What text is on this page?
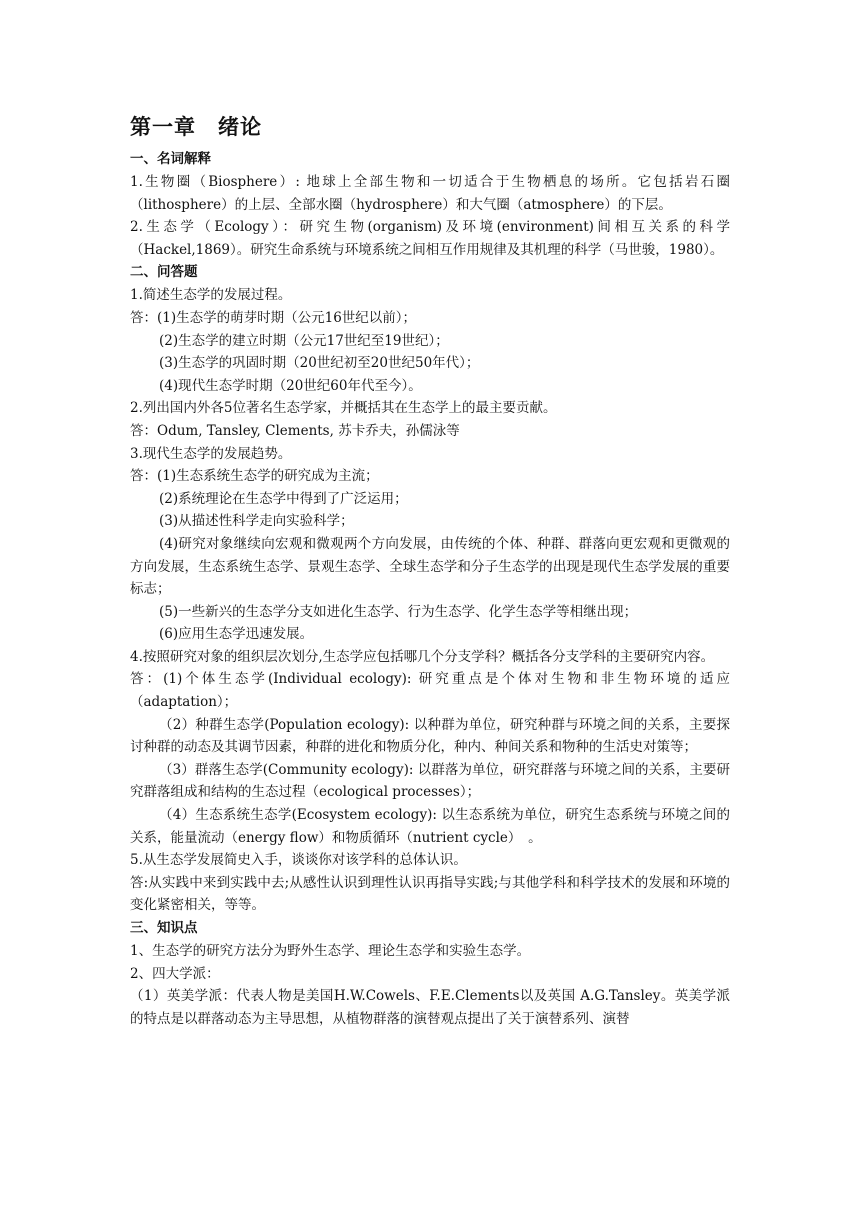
第一章　绪论
一、名词解释

1.生物圈（Biosphere）: 地球上全部生物和一切适合于生物栖息的场所。它包括岩石圈（lithosphere）的上层、全部水圈（hydrosphere）和大气圈（atmosphere）的下层。

2.生态学（Ecology）：研究生物(organism)及环境(environment)间相互关系的科学（Hackel,1869）。研究生命系统与环境系统之间相互作用规律及其机理的科学（马世骏，1980）。

二、问答题

1.简述生态学的发展过程。

答：(1)生态学的萌芽时期（公元16世纪以前）；

(2)生态学的建立时期（公元17世纪至19世纪）；

(3)生态学的巩固时期（20世纪初至20世纪50年代）；

(4)现代生态学时期（20世纪60年代至今）。

2.列出国内外各5位著名生态学家，并概括其在生态学上的最主要贡献。

答：Odum, Tansley, Clements, 苏卡乔夫，孙儒泳等

3.现代生态学的发展趋势。

答：(1)生态系统生态学的研究成为主流；

(2)系统理论在生态学中得到了广泛运用；

(3)从描述性科学走向实验科学；

(4)研究对象继续向宏观和微观两个方向发展，由传统的个体、种群、群落向更宏观和更微观的方向发展，生态系统生态学、景观生态学、全球生态学和分子生态学的出现是现代生态学发展的重要标志；

(5)一些新兴的生态学分支如进化生态学、行为生态学、化学生态学等相继出现；

(6)应用生态学迅速发展。

4.按照研究对象的组织层次划分,生态学应包括哪几个分支学科？概括各分支学科的主要研究内容。

答：(1)个体生态学(Individual ecology): 研究重点是个体对生物和非生物环境的适应（adaptation）；

（2）种群生态学(Population ecology): 以种群为单位，研究种群与环境之间的关系，主要探讨种群的动态及其调节因素，种群的进化和物质分化，种内、种间关系和物种的生活史对策等；

（3）群落生态学(Community ecology): 以群落为单位，研究群落与环境之间的关系，主要研究群落组成和结构的生态过程（ecological processes）；

（4）生态系统生态学(Ecosystem ecology): 以生态系统为单位，研究生态系统与环境之间的关系，能量流动（energy flow）和物质循环（nutrient cycle）　。

5.从生态学发展简史入手，谈谈你对该学科的总体认识。

答:从实践中来到实践中去;从感性认识到理性认识再指导实践;与其他学科和科学技术的发展和环境的变化紧密相关，等等。

三、知识点

1、生态学的研究方法分为野外生态学、理论生态学和实验生态学。

2、四大学派：

（1）英美学派：代表人物是美国H.W.Cowels、F.E.Clements以及英国 A.G.Tansley。英美学派的特点是以群落动态为主导思想，从植物群落的演替观点提出了关于演替系列、演替
